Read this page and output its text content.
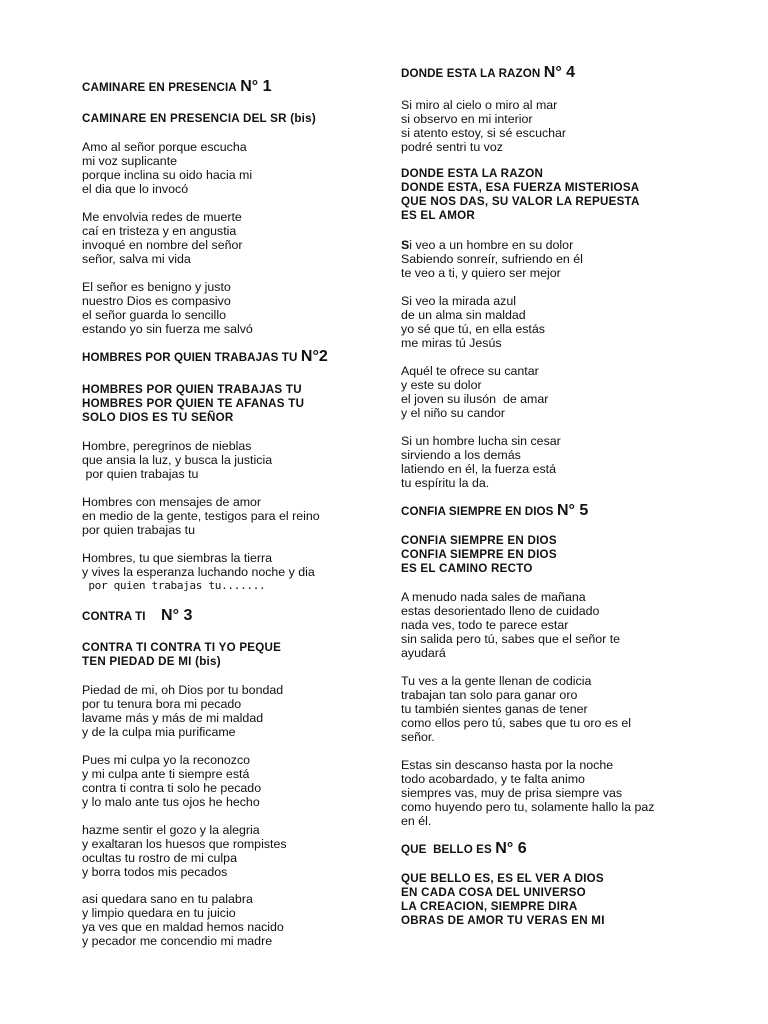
CAMINARE EN PRESENCIA N° 1
CAMINARE EN PRESENCIA DEL SR (bis)
Amo al señor porque escucha
mi voz suplicante
porque inclina su oido hacia mi
el dia que lo invocó
Me envolvia redes de muerte
caí en tristeza y en angustia
invoqué en nombre del señor
señor, salva mi vida
El señor es benigno y justo
nuestro Dios es compasivo
el señor guarda lo sencillo
estando yo sin fuerza me salvó
HOMBRES POR QUIEN TRABAJAS TU N°2
HOMBRES POR QUIEN TRABAJAS TU
HOMBRES POR QUIEN TE AFANAS TU
SOLO DIOS ES TU SEÑOR
Hombre, peregrinos de nieblas
que ansia la luz, y busca la justicia
por quien trabajas tu
Hombres con mensajes de amor
en medio de la gente, testigos para el reino
por quien trabajas tu
Hombres, tu que siembras la tierra
y vives la esperanza luchando noche y dia
por quien trabajas tu.......
CONTRA TI N° 3
CONTRA TI CONTRA TI YO PEQUE
TEN PIEDAD DE MI (bis)
Piedad de mi, oh Dios por tu bondad
por tu tenura bora mi pecado
lavame más y más de mi maldad
y de la culpa mia purificame
Pues mi culpa yo la reconozco
y mi culpa ante ti siempre está
contra ti contra ti solo he pecado
y lo malo ante tus ojos he hecho
hazme sentir el gozo y la alegria
y exaltaran los huesos que rompistes
ocultas tu rostro de mi culpa
y borra todos mis pecados
asi quedara sano en tu palabra
y limpio quedara en tu juicio
ya ves que en maldad hemos nacido
y pecador me concendio mi madre
DONDE ESTA LA RAZON N° 4
Si miro al cielo o miro al mar
si observo en mi interior
si atento estoy, si sé escuchar
podré sentri tu voz
DONDE ESTA LA RAZON
DONDE ESTA, ESA FUERZA MISTERIOSA
QUE NOS DAS, SU VALOR LA REPUESTA
ES EL AMOR
Si veo a un hombre en su dolor
Sabiendo sonreír, sufriendo en él
te veo a ti, y quiero ser mejor
Si veo la mirada azul
de un alma sin maldad
yo sé que tú, en ella estás
me miras tú Jesús
Aquél te ofrece su cantar
y este su dolor
el joven su ilusón  de amar
y el niño su candor
Si un hombre lucha sin cesar
sirviendo a los demás
latiendo en él, la fuerza está
tu espíritu la da.
CONFIA SIEMPRE EN DIOS N° 5
CONFIA SIEMPRE EN DIOS
CONFIA SIEMPRE EN DIOS
ES EL CAMINO RECTO
A menudo nada sales de mañana
estas desorientado lleno de cuidado
nada ves, todo te parece estar
sin salida pero tú, sabes que el señor te
ayudará
Tu ves a la gente llenan de codicia
trabajan tan solo para ganar oro
tu también sientes ganas de tener
como ellos pero tú, sabes que tu oro es el
señor.
Estas sin descanso hasta por la noche
todo acobardado, y te falta animo
siempres vas, muy de prisa siempre vas
como huyendo pero tu, solamente hallo la paz
en él.
QUE  BELLO ES N° 6
QUE BELLO ES, ES EL VER A DIOS
EN CADA COSA DEL UNIVERSO
LA CREACION, SIEMPRE DIRA
OBRAS DE AMOR TU VERAS EN MI
